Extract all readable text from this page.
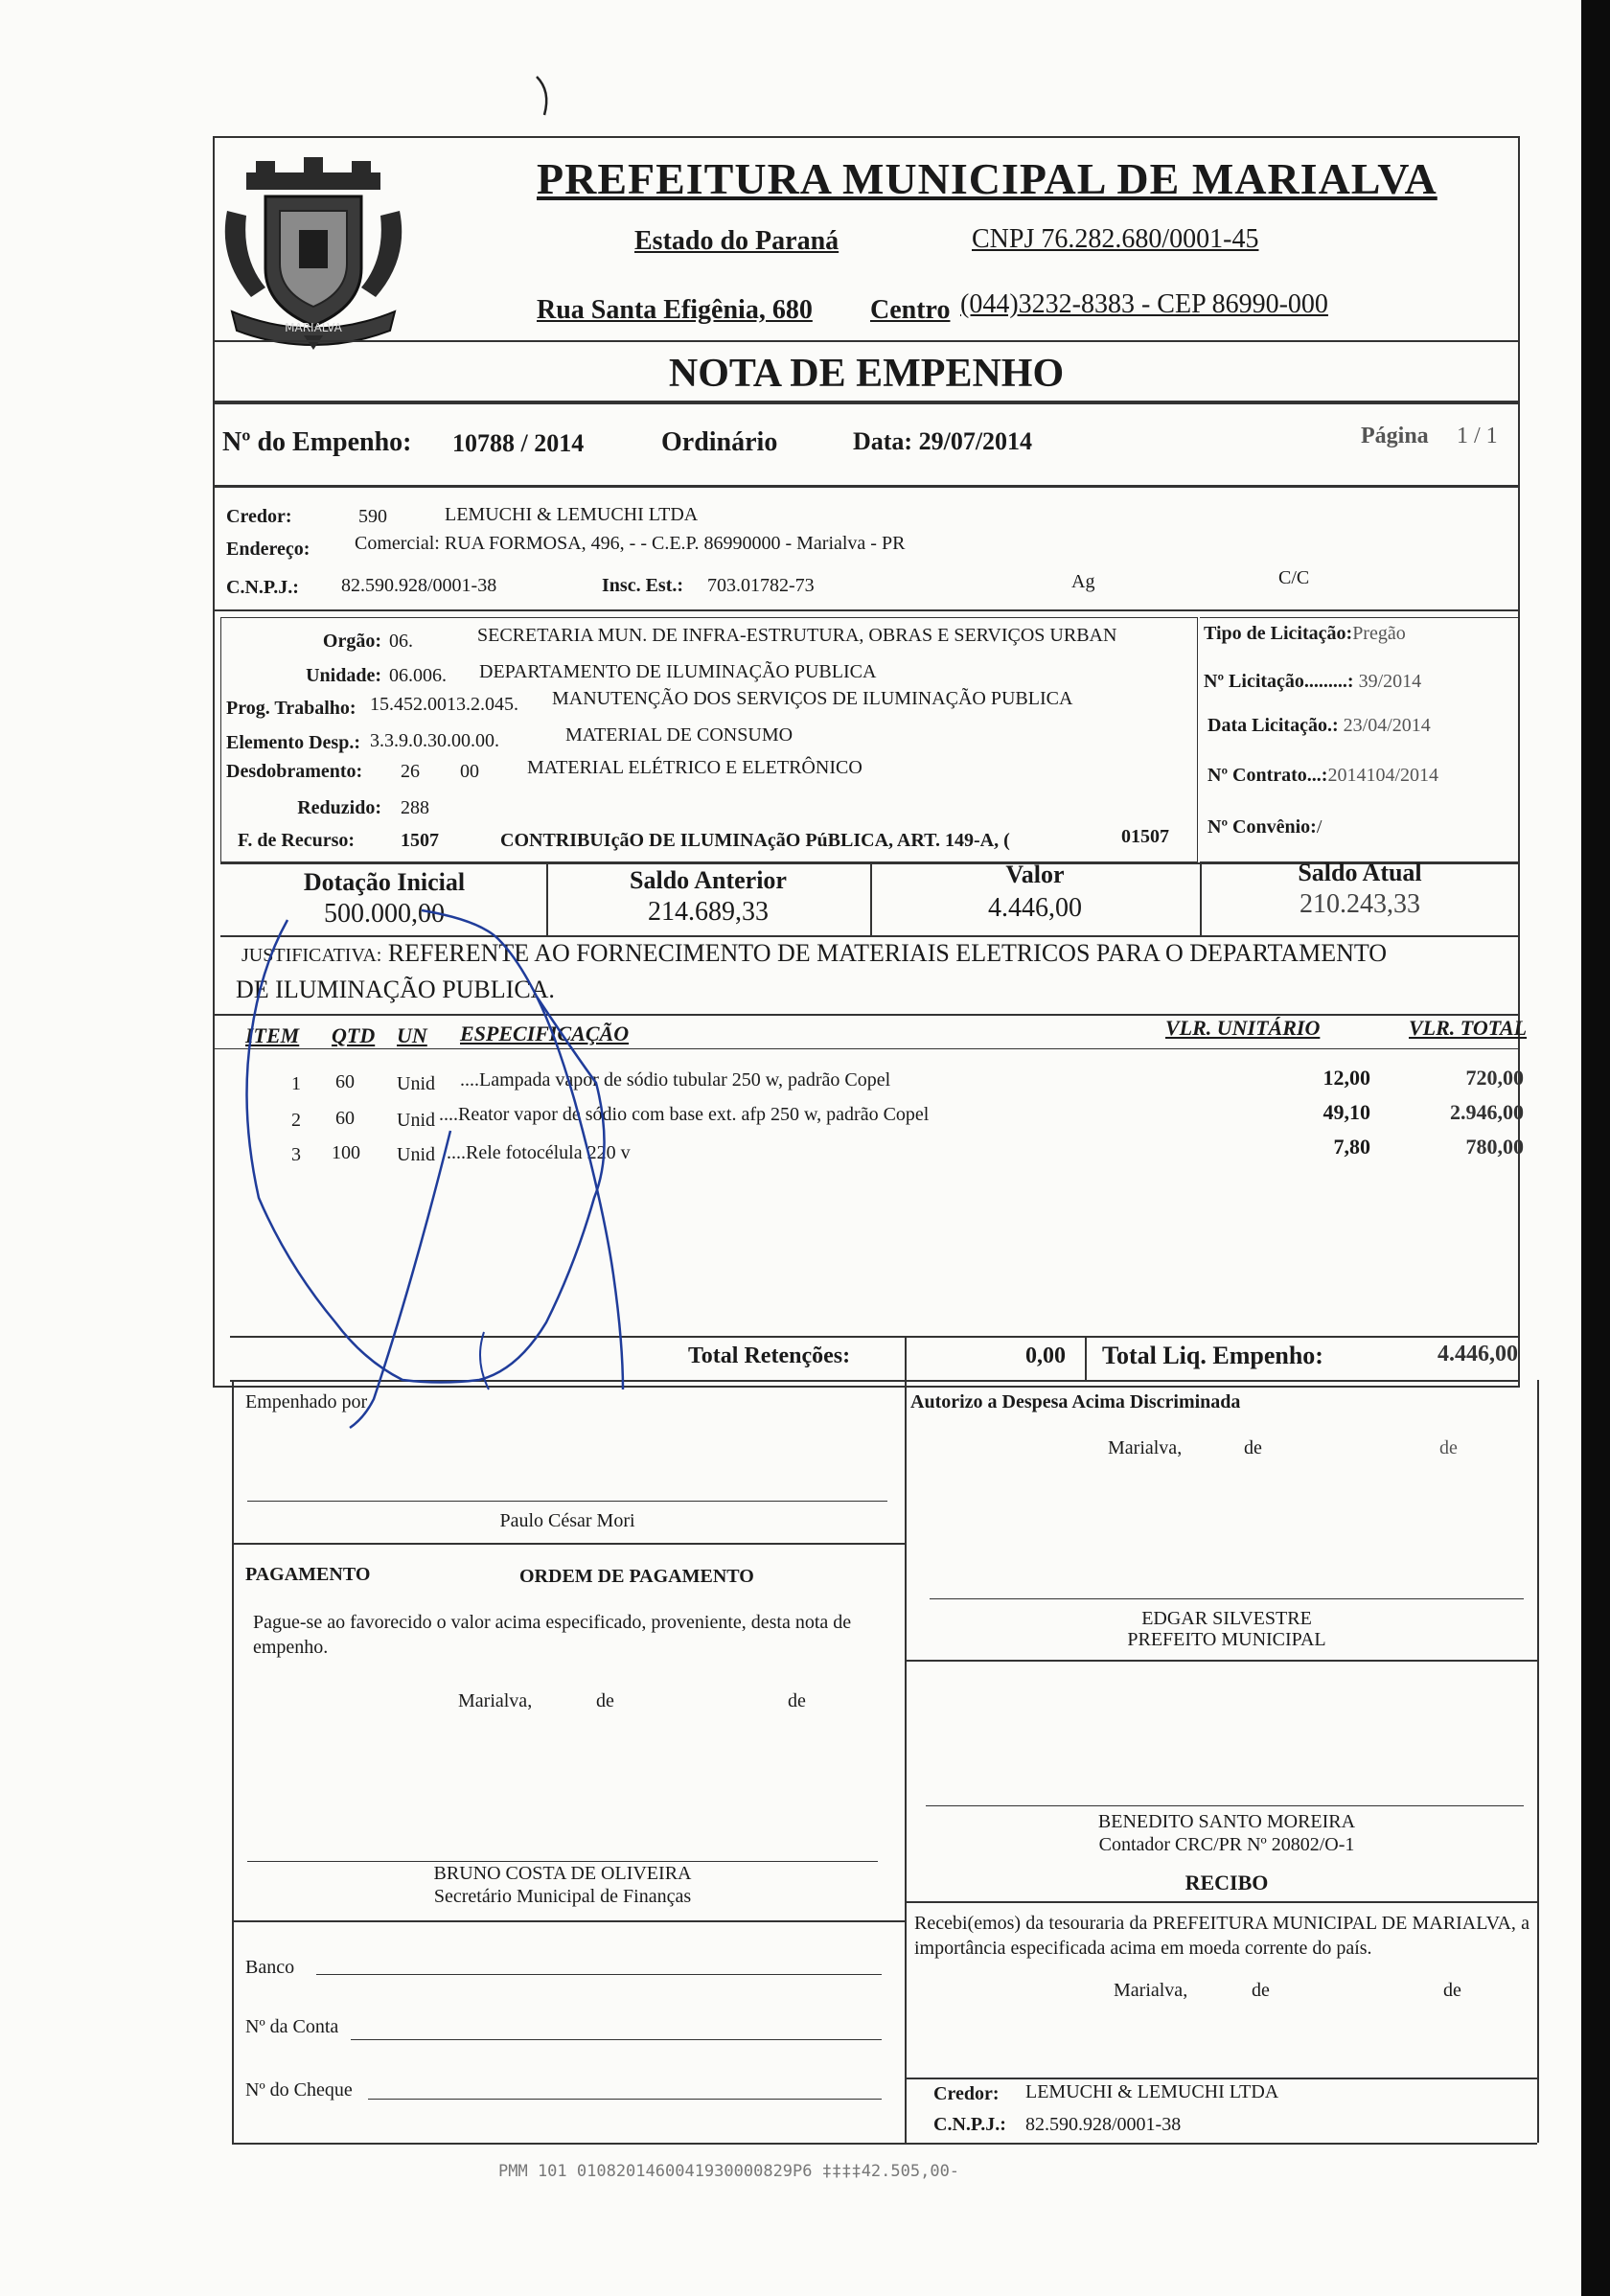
MARIALVA
PREFEITURA MUNICIPAL DE MARIALVA
Estado do Paraná	CNPJ 76.282.680/0001-45
Rua Santa Efigênia, 680 Centro (044)3232-8383 - CEP 86990-000
NOTA DE EMPENHO
Nº do Empenho: 10788 / 2014	Ordinário	Data: 29/07/2014	Página 1 / 1
Credor:	590	LEMUCHI & LEMUCHI LTDA
Endereço: Comercial: RUA FORMOSA, 496, - - C.E.P. 86990000 - Marialva - PR
C.N.P.J.: 82.590.928/0001-38	Insc. Est.: 703.01782-73	Ag	C/C
Orgão: 06.	SECRETARIA MUN. DE INFRA-ESTRUTURA, OBRAS E SERVIÇOS URBAN
Unidade: 06.006. DEPARTAMENTO DE ILUMINAÇÃO PUBLICA
Prog. Trabalho: 15.452.0013.2.045. MANUTENÇÃO DOS SERVIÇOS DE ILUMINAÇÃO PUBLICA
Elemento Desp.: 3.3.9.0.30.00.00.	MATERIAL DE CONSUMO
Desdobramento: 26 00	MATERIAL ELÉTRICO E ELETRÔNICO
Reduzido: 288
F. de Recurso: 1507	CONTRIBUIçãO DE ILUMINAçãO PúBLICA, ART. 149-A, (	01507
Tipo de Licitação:Pregão
Nº Licitação.........: 39/2014
Data Licitação.: 23/04/2014
Nº Contrato...:2014104/2014
Nº Convênio:/
Dotação Inicial
500.000,00
Saldo Anterior
214.689,33
Valor
4.446,00
Saldo Atual
210.243,33
JUSTIFICATIVA: REFERENTE AO FORNECIMENTO DE MATERIAIS ELETRICOS PARA O DEPARTAMENTO
DE ILUMINAÇÃO PUBLICA.
ITEM QTD UN ESPECIFICAÇÃO	VLR. UNITÁRIO	VLR. TOTAL
1 60 Unid ....Lampada vapor de sódio tubular 250 w, padrão Copel	12,00	720,00
2 60 Unid ....Reator vapor de sódio com base ext. afp 250 w, padrão Copel	49,10	2.946,00
3 100 Unid ....Rele fotocélula 220 v	7,80	780,00
Total Retenções:	0,00 Total Liq. Empenho:	4.446,00
Empenhado por
Paulo César Mori
Autorizo a Despesa Acima Discriminada
Marialva,	de	de
PAGAMENTO	ORDEM DE PAGAMENTO
Pague-se ao favorecido o valor acima especificado, proveniente, desta nota de empenho.
Marialva,	de	de
EDGAR SILVESTRE
PREFEITO MUNICIPAL
BENEDITO SANTO MOREIRA
Contador CRC/PR Nº 20802/O-1
RECIBO
BRUNO COSTA DE OLIVEIRA
Secretário Municipal de Finanças
Recebi(emos) da tesouraria da PREFEITURA MUNICIPAL DE MARIALVA, a importância especificada acima em moeda corrente do país.
Marialva,	de	de
Banco
Nº da Conta
Nº do Cheque	Credor: LEMUCHI & LEMUCHI LTDA
C.N.P.J.: 82.590.928/0001-38
PMM 101 0108201460041930000829P6 ‡‡‡‡42.505,00-
